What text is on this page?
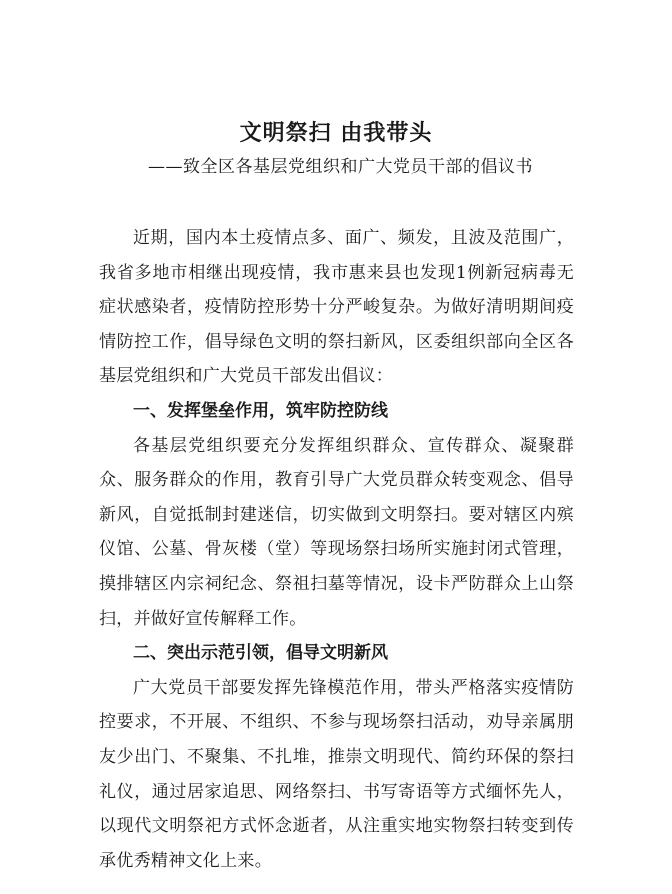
文明祭扫 由我带头

——致全区各基层党组织和广大党员干部的倡议书

近期，国内本土疫情点多、面广、频发，且波及范围广，我省多地市相继出现疫情，我市惠来县也发现1例新冠病毒无症状感染者，疫情防控形势十分严峻复杂。为做好清明期间疫情防控工作，倡导绿色文明的祭扫新风，区委组织部向全区各基层党组织和广大党员干部发出倡议：

一、发挥堡垒作用，筑牢防控防线

各基层党组织要充分发挥组织群众、宣传群众、凝聚群众、服务群众的作用，教育引导广大党员群众转变观念、倡导新风，自觉抵制封建迷信，切实做到文明祭扫。要对辖区内殡仪馆、公墓、骨灰楼（堂）等现场祭扫场所实施封闭式管理，摸排辖区内宗祠纪念、祭祖扫墓等情况，设卡严防群众上山祭扫，并做好宣传解释工作。

二、突出示范引领，倡导文明新风

广大党员干部要发挥先锋模范作用，带头严格落实疫情防控要求，不开展、不组织、不参与现场祭扫活动，劝导亲属朋友少出门、不聚集、不扎堆，推崇文明现代、简约环保的祭扫礼仪，通过居家追思、网络祭扫、书写寄语等方式缅怀先人，以现代文明祭祀方式怀念逝者，从注重实地实物祭扫转变到传承优秀精神文化上来。
